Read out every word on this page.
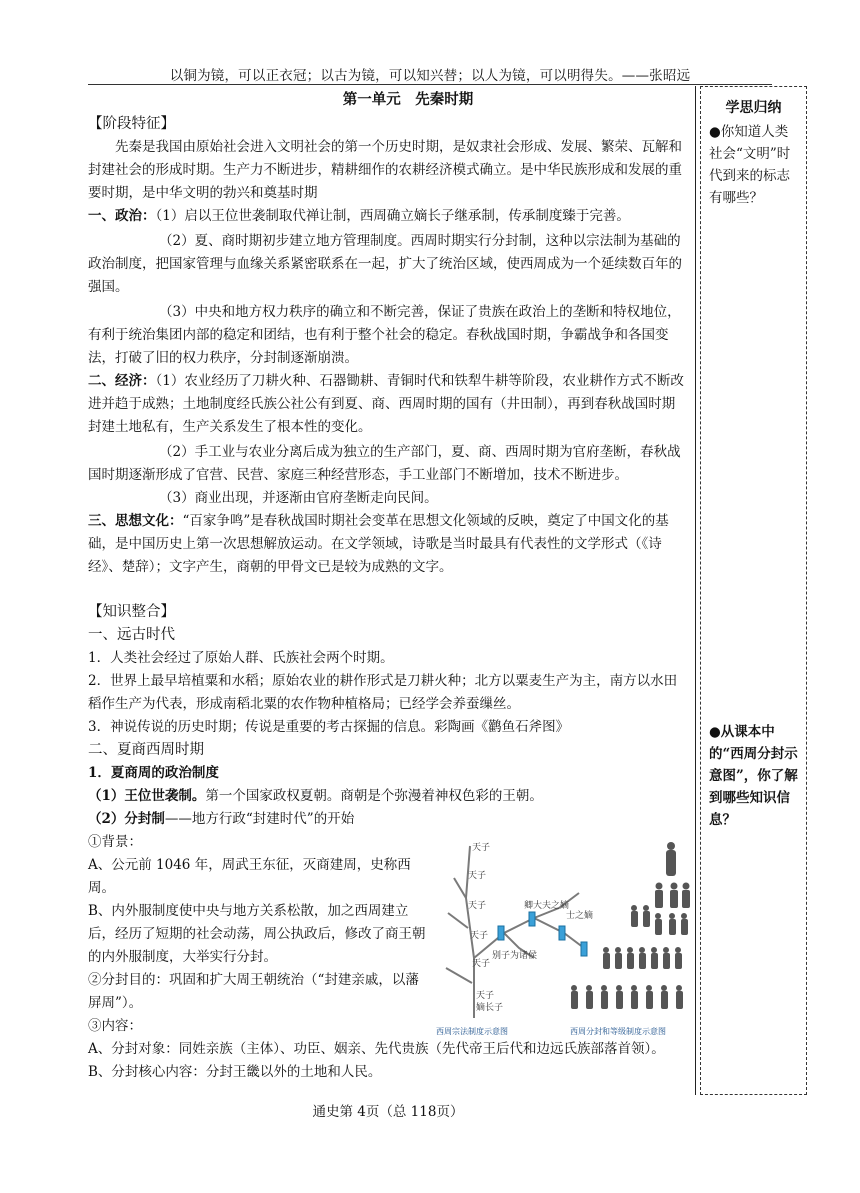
以铜为镜，可以正衣冠；以古为镜，可以知兴替；以人为镜，可以明得失。——张昭远
学思归纳
●你知道人类社会“文明”时代到来的标志有哪些？
●从课本中的“西周分封示意图”，你了解到哪些知识信息？
第一单元　先秦时期
【阶段特征】

先秦是我国由原始社会进入文明社会的第一个历史时期，是奴隶社会形成、发展、繁荣、瓦解和封建社会的形成时期。生产力不断进步，精耕细作的农耕经济模式确立。是中华民族形成和发展的重要时期，是中华文明的勃兴和奠基时期

一、政治：（1）启以王位世袭制取代禅让制，西周确立嫡长子继承制，传承制度臻于完善。

（2）夏、商时期初步建立地方管理制度。西周时期实行分封制，这种以宗法制为基础的政治制度，把国家管理与血缘关系紧密联系在一起，扩大了统治区域，使西周成为一个延续数百年的强国。

（3）中央和地方权力秩序的确立和不断完善，保证了贵族在政治上的垄断和特权地位，有利于统治集团内部的稳定和团结，也有利于整个社会的稳定。春秋战国时期，争霸战争和各国变法，打破了旧的权力秩序，分封制逐渐崩溃。

二、经济：（1）农业经历了刀耕火种、石器锄耕、青铜时代和铁犁牛耕等阶段，农业耕作方式不断改进并趋于成熟；土地制度经氏族公社公有到夏、商、西周时期的国有（井田制），再到春秋战国时期封建土地私有，生产关系发生了根本性的变化。

（2）手工业与农业分离后成为独立的生产部门，夏、商、西周时期为官府垄断，春秋战国时期逐渐形成了官营、民营、家庭三种经营形态，手工业部门不断增加，技术不断进步。

（3）商业出现，并逐渐由官府垄断走向民间。

三、思想文化：“百家争鸣”是春秋战国时期社会变革在思想文化领域的反映，奠定了中国文化的基础，是中国历史上第一次思想解放运动。在文学领域，诗歌是当时最具有代表性的文学形式（《诗经》、楚辞）；文字产生，商朝的甲骨文已是较为成熟的文字。

【知识整合】
一、远古时代

1．人类社会经过了原始人群、氏族社会两个时期。

2．世界上最早培植粟和水稻；原始农业的耕作形式是刀耕火种；北方以粟麦生产为主，南方以水田稻作生产为代表，形成南稻北粟的农作物种植格局；已经学会养蚕缫丝。

3．神说传说的历史时期；传说是重要的考古探掘的信息。彩陶画《鹳鱼石斧图》

二、夏商西周时期

1．夏商周的政治制度

（1）王位世袭制。第一个国家政权夏朝。商朝是个弥漫着神权色彩的王朝。

（2）分封制——地方行政“封建时代”的开始

①背景：

A、公元前 1046 年，周武王东征，灭商建周，史称西周。

B、内外服制度使中央与地方关系松散，加之西周建立后，经历了短期的社会动荡，周公执政后，修改了商王朝的内外服制度，大举实行分封。

②分封目的：巩固和扩大周王朝统治（“封建亲戚，以藩屏周”）。

③内容：

A、分封对象：同姓亲族（主体）、功臣、姻亲、先代贵族（先代帝王后代和边远氏族部落首领）。

B、分封核心内容：分封王畿以外的土地和人民。

天子
天子
天子
天子
天子
天子
嫡长子
别子为诸侯
卿大夫之嫡
士之嫡
西周宗法制度示意图	西周分封和等级制度示意图
通史第 4页（总 118页）
